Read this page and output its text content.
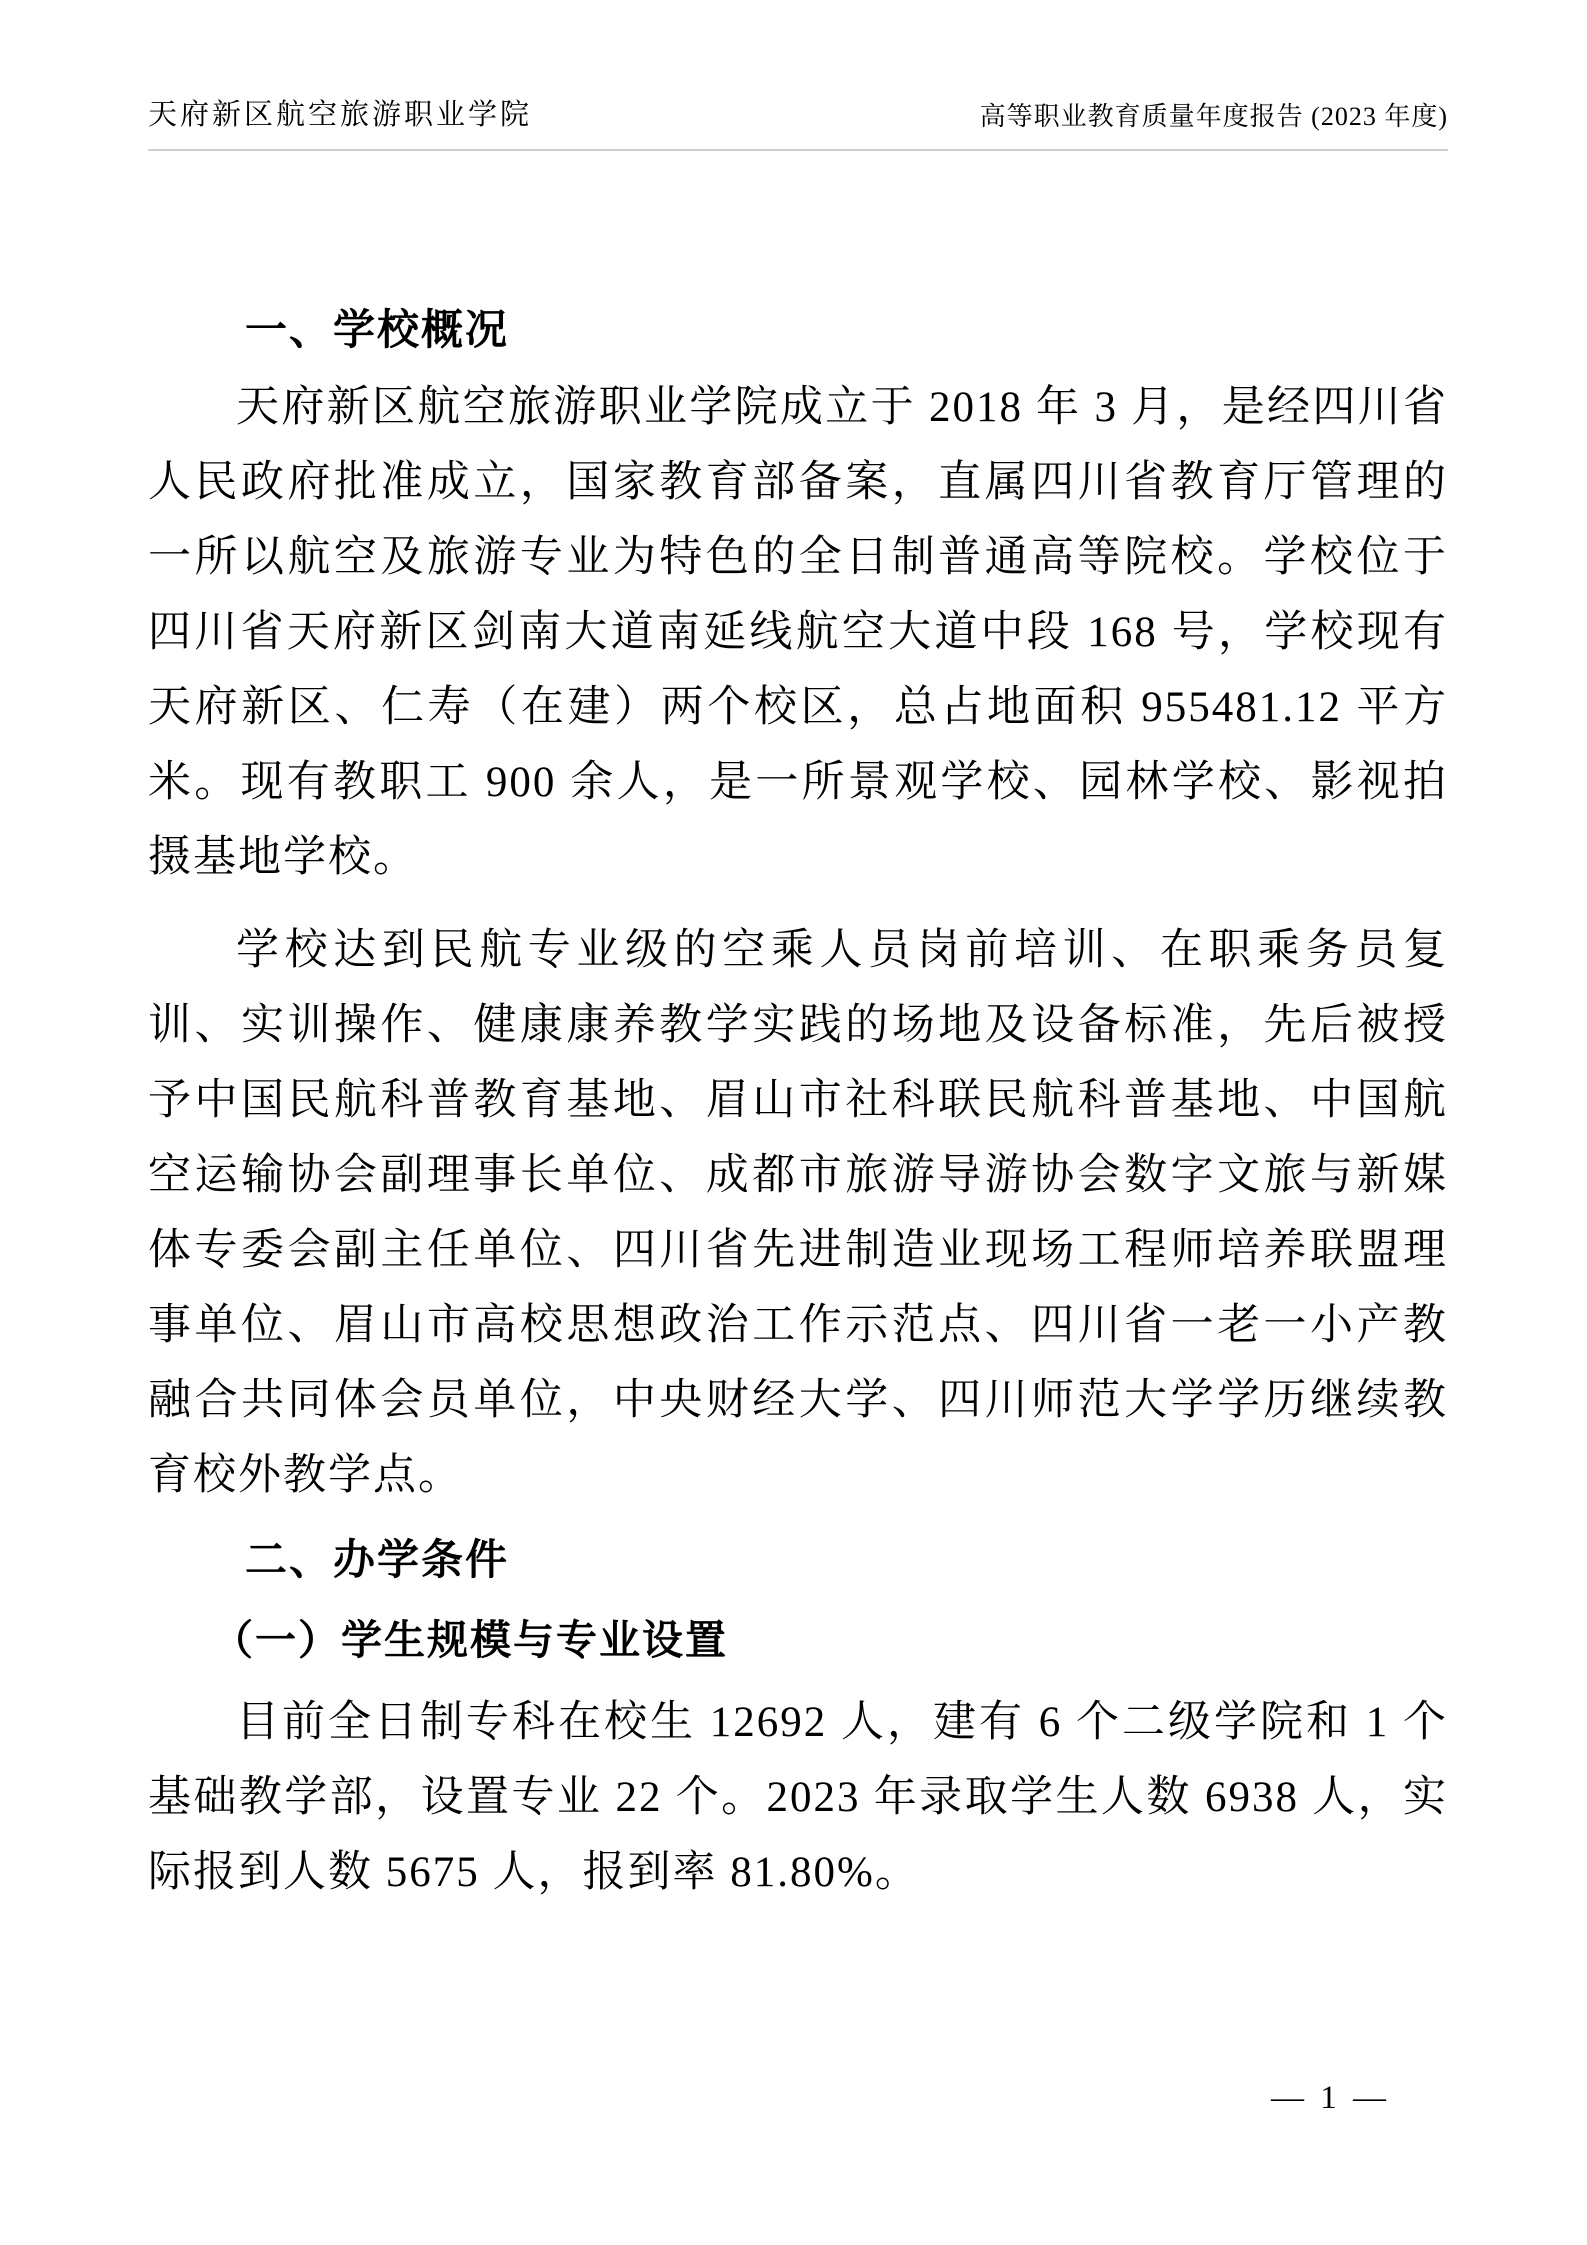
天府新区航空旅游职业学院	高等职业教育质量年度报告 (2023 年度)
一、学校概况

天府新区航空旅游职业学院成立于 2018 年 3 月，是经四川省人民政府批准成立，国家教育部备案，直属四川省教育厅管理的一所以航空及旅游专业为特色的全日制普通高等院校。学校位于四川省天府新区剑南大道南延线航空大道中段 168 号，学校现有天府新区、仁寿（在建）两个校区，总占地面积 955481.12 平方米。现有教职工 900 余人，是一所景观学校、园林学校、影视拍摄基地学校。

学校达到民航专业级的空乘人员岗前培训、在职乘务员复训、实训操作、健康康养教学实践的场地及设备标准，先后被授予中国民航科普教育基地、眉山市社科联民航科普基地、中国航空运输协会副理事长单位、成都市旅游导游协会数字文旅与新媒体专委会副主任单位、四川省先进制造业现场工程师培养联盟理事单位、眉山市高校思想政治工作示范点、四川省一老一小产教融合共同体会员单位，中央财经大学、四川师范大学学历继续教育校外教学点。

二、办学条件
（一）学生规模与专业设置

目前全日制专科在校生 12692 人，建有 6 个二级学院和 1 个基础教学部，设置专业 22 个。2023 年录取学生人数 6938 人，实际报到人数 5675 人，报到率 81.80%。

— 1 —
